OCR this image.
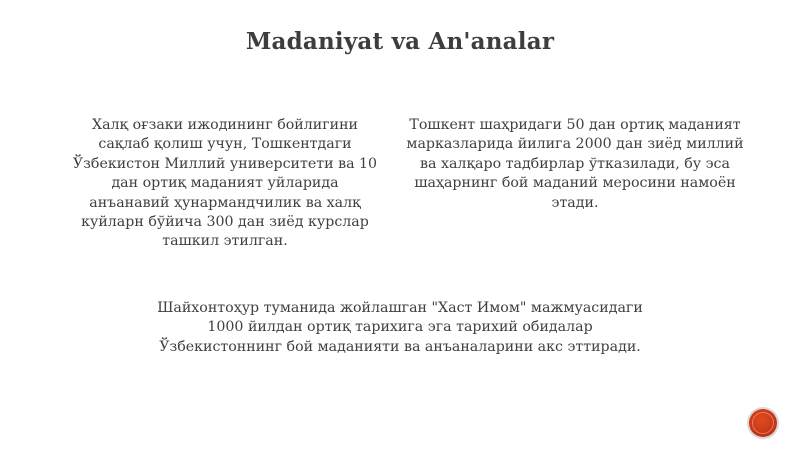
Madaniyat va An'analar
Халқ оғзаки ижодининг бойлигини
сақлаб қолиш учун, Тошкентдаги
Ўзбекистон Миллий университети ва 10
дан ортиқ маданият уйларида
анъанавий ҳунармандчилик ва халқ
куйларн бўйича 300 дан зиёд курслар
ташкил этилган.
Тошкент шаҳридаги 50 дан ортиқ маданият
марказларида йилига 2000 дан зиёд миллий
ва халқаро тадбирлар ўтказилади, бу эса
шаҳарнинг бой маданий меросини намоён
этади.
Шайхонтоҳур туманида жойлашган "Хаст Имом" мажмуасидаги
1000 йилдан ортиқ тарихига эга тарихий обидалар
Ўзбекистоннинг бой маданияти ва анъаналарини акс эттиради.
